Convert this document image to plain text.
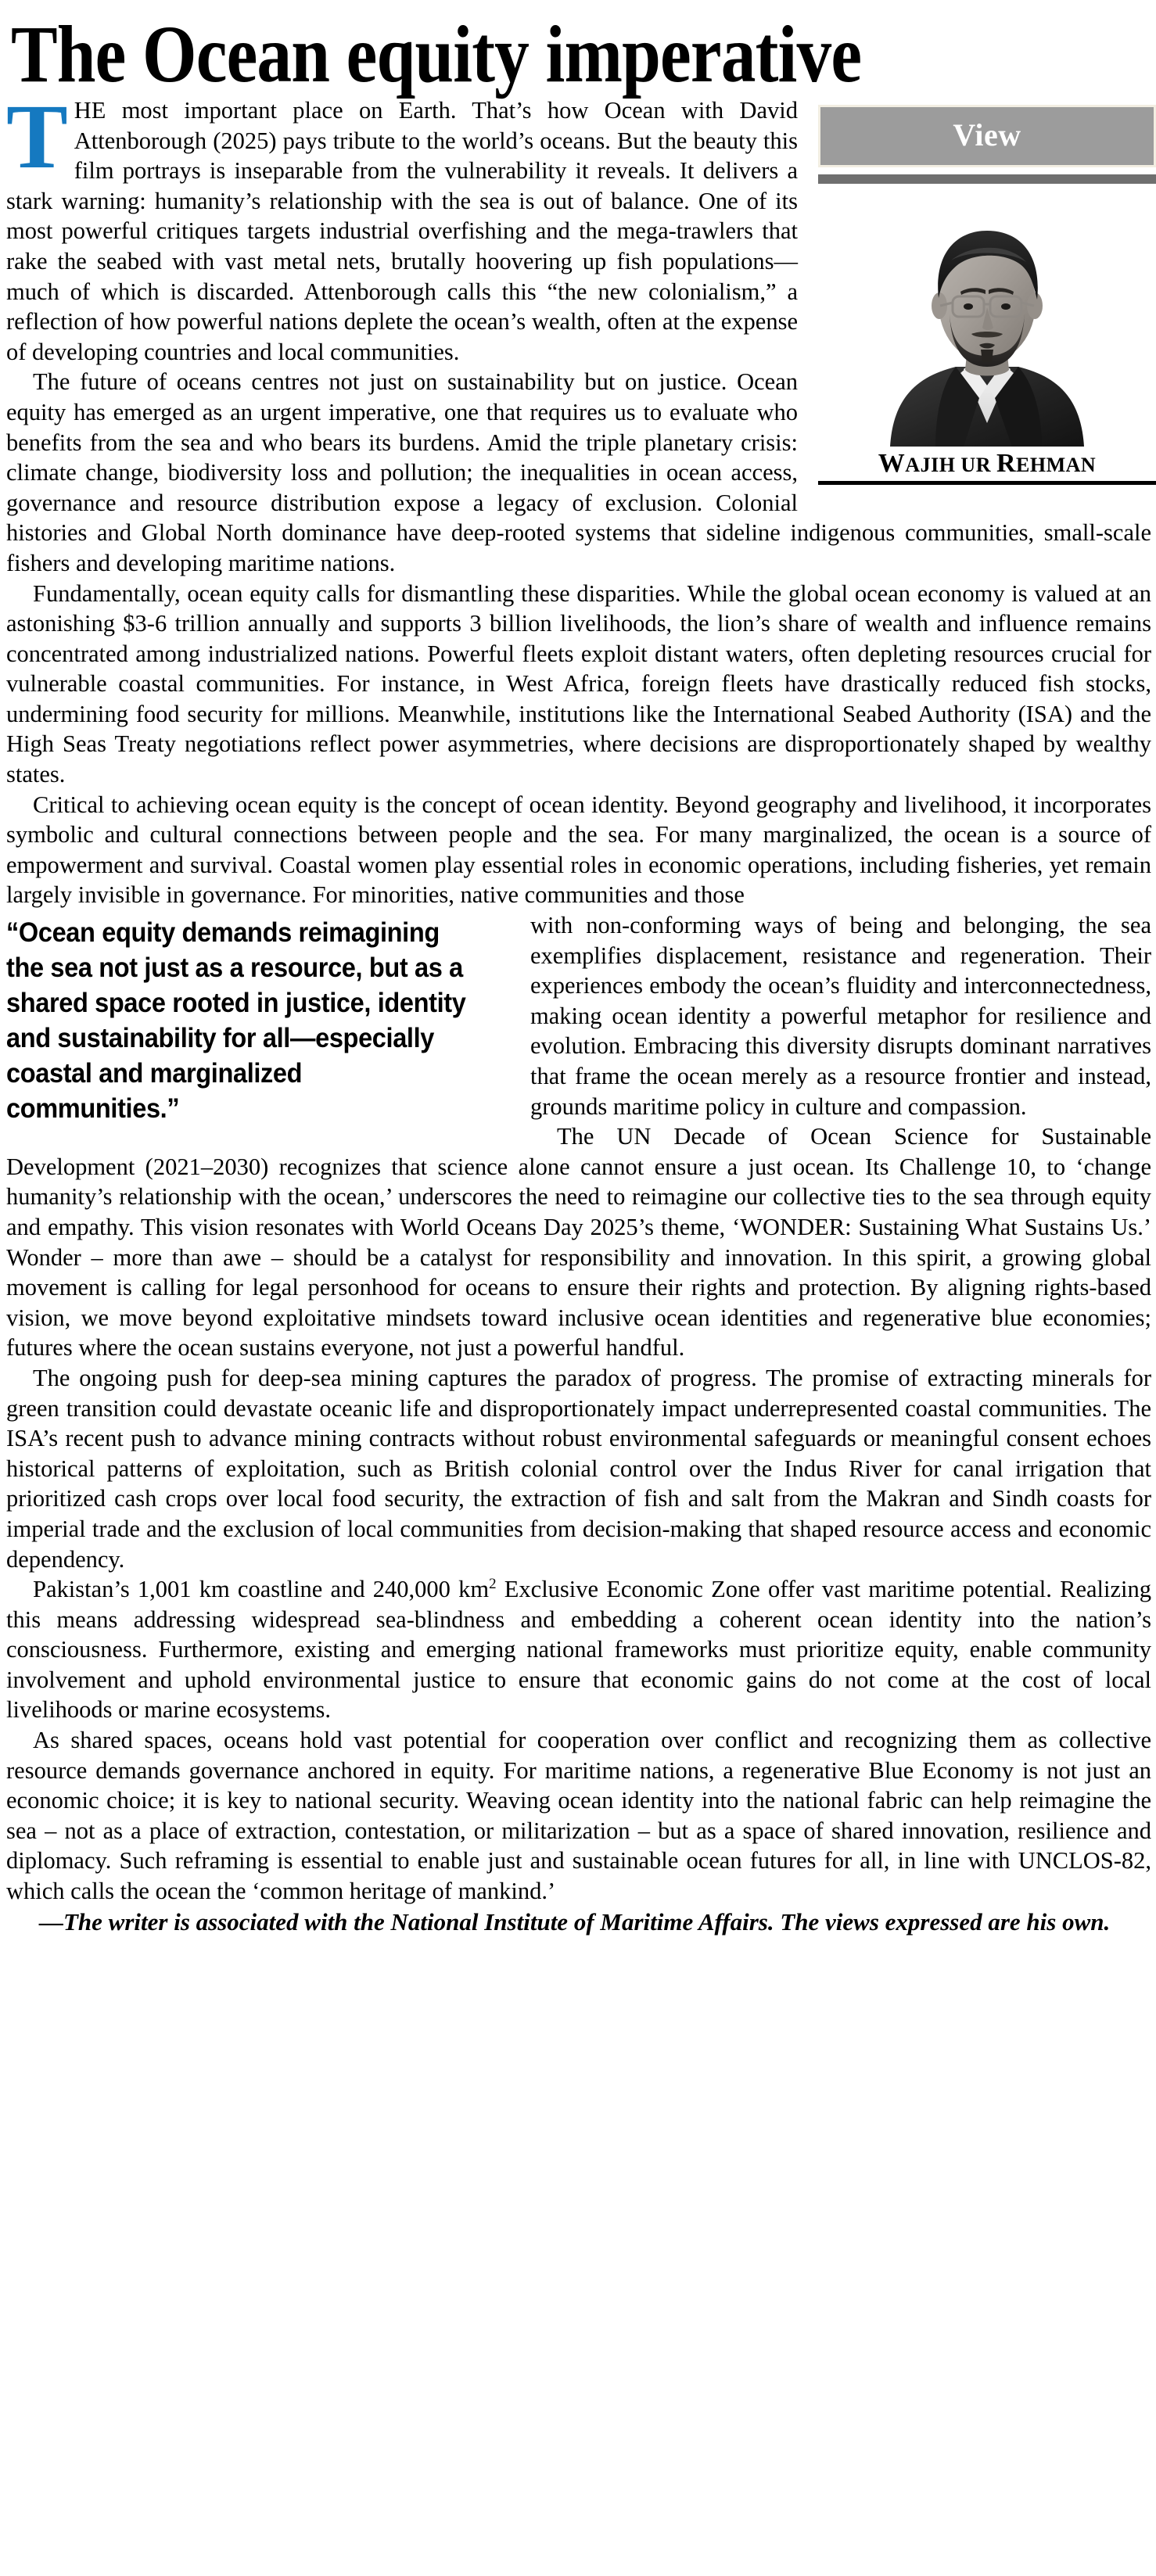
The Ocean equity imperative
View
WAJIH UR REHMAN

THE most important place on Earth. That’s how Ocean with David Attenborough (2025) pays tribute to the world’s oceans. But the beauty this film portrays is inseparable from the vulnerability it reveals. It delivers a stark warning: humanity’s relationship with the sea is out of balance. One of its most powerful critiques targets industrial overfishing and the mega-trawlers that rake the seabed with vast metal nets, brutally hoovering up fish populations—much of which is discarded. Attenborough calls this “the new colonialism,” a reflection of how powerful nations deplete the ocean’s wealth, often at the expense of developing countries and local communities.

The future of oceans centres not just on sustainability but on justice. Ocean equity has emerged as an urgent imperative, one that requires us to evaluate who benefits from the sea and who bears its burdens. Amid the triple planetary crisis: climate change, biodiversity loss and pollution; the inequalities in ocean access, governance and resource distribution expose a legacy of exclusion. Colonial histories and Global North dominance have deep-rooted systems that sideline indigenous communities, small-scale fishers and developing maritime nations.

Fundamentally, ocean equity calls for dismantling these disparities. While the global ocean economy is valued at an astonishing $3-6 trillion annually and supports 3 billion livelihoods, the lion’s share of wealth and influence remains concentrated among industrialized nations. Powerful fleets exploit distant waters, often depleting resources crucial for vulnerable coastal communities. For instance, in West Africa, foreign fleets have drastically reduced fish stocks, undermining food security for millions. Meanwhile, institutions like the International Seabed Authority (ISA) and the High Seas Treaty negotiations reflect power asymmetries, where decisions are disproportionately shaped by wealthy states.

Critical to achieving ocean equity is the concept of ocean identity. Beyond geography and livelihood, it incorporates symbolic and cultural connections between people and the sea. For many marginalized, the ocean is a source of empowerment and survival. Coastal women play essential roles in economic operations, including fisheries, yet remain largely invisible in governance. For minorities, native communities and those

“Ocean equity demands reimagining the sea not just as a resource, but as a shared space rooted in justice, identity and sustainability for all—especially coastal and marginalized communities.”

with non-conforming ways of being and belonging, the sea exemplifies displacement, resistance and regeneration. Their experiences embody the ocean’s fluidity and interconnectedness, making ocean identity a powerful metaphor for resilience and evolution. Embracing this diversity disrupts dominant narratives that frame the ocean merely as a resource frontier and instead, grounds maritime policy in culture and compassion.

The UN Decade of Ocean Science for Sustainable Development (2021–2030) recognizes that science alone cannot ensure a just ocean. Its Challenge 10, to ‘change humanity’s relationship with the ocean,’ underscores the need to reimagine our collective ties to the sea through equity and empathy. This vision resonates with World Oceans Day 2025’s theme, ‘WONDER: Sustaining What Sustains Us.’ Wonder – more than awe – should be a catalyst for responsibility and innovation. In this spirit, a growing global movement is calling for legal personhood for oceans to ensure their rights and protection. By aligning rights-based vision, we move beyond exploitative mindsets toward inclusive ocean identities and regenerative blue economies; futures where the ocean sustains everyone, not just a powerful handful.

The ongoing push for deep-sea mining captures the paradox of progress. The promise of extracting minerals for green transition could devastate oceanic life and disproportionately impact underrepresented coastal communities. The ISA’s recent push to advance mining contracts without robust environmental safeguards or meaningful consent echoes historical patterns of exploitation, such as British colonial control over the Indus River for canal irrigation that prioritized cash crops over local food security, the extraction of fish and salt from the Makran and Sindh coasts for imperial trade and the exclusion of local communities from decision-making that shaped resource access and economic dependency.

Pakistan’s 1,001 km coastline and 240,000 $km^2$ Exclusive Economic Zone offer vast maritime potential. Realizing this means addressing widespread sea-blindness and embedding a coherent ocean identity into the nation’s consciousness. Furthermore, existing and emerging national frameworks must prioritize equity, enable community involvement and uphold environmental justice to ensure that economic gains do not come at the cost of local livelihoods or marine ecosystems.

As shared spaces, oceans hold vast potential for cooperation over conflict and recognizing them as collective resource demands governance anchored in equity. For maritime nations, a regenerative Blue Economy is not just an economic choice; it is key to national security. Weaving ocean identity into the national fabric can help reimagine the sea – not as a place of extraction, contestation, or militarization – but as a space of shared innovation, resilience and diplomacy. Such reframing is essential to enable just and sustainable ocean futures for all, in line with UNCLOS-82, which calls the ocean the ‘common heritage of mankind.’

—The writer is associated with the National Institute of Maritime Affairs. The views expressed are his own.
